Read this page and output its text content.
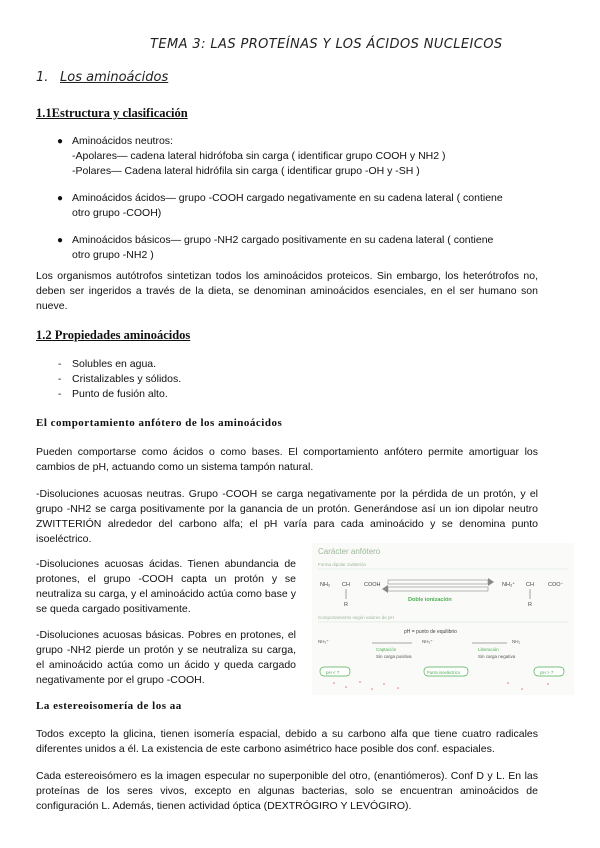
TEMA 3: LAS PROTEÍNAS Y LOS ÁCIDOS NUCLEICOS
1. Los aminoácidos
1.1Estructura y clasificación
● Aminoácidos neutros:
-Apolares— cadena lateral hidrófoba sin carga ( identificar grupo COOH y NH2 )
-Polares— Cadena lateral hidrófila sin carga ( identificar grupo -OH y -SH )
● Aminoácidos ácidos— grupo -COOH cargado negativamente en su cadena lateral ( contiene
otro grupo -COOH)
● Aminoácidos básicos— grupo -NH2 cargado positivamente en su cadena lateral ( contiene
otro grupo -NH2 )
Los organismos autótrofos sintetizan todos los aminoácidos proteicos. Sin embargo, los heterótrofos no, deben ser ingeridos a través de la dieta, se denominan aminoácidos esenciales, en el ser humano son nueve.
1.2 Propiedades aminoácidos
- Solubles en agua.
- Cristalizables y sólidos.
- Punto de fusión alto.
El comportamiento anfótero de los aminoácidos
Pueden comportarse como ácidos o como bases. El comportamiento anfótero permite amortiguar los cambios de pH, actuando como un sistema tampón natural.
-Disoluciones acuosas neutras. Grupo -COOH se carga negativamente por la pérdida de un protón, y el grupo -NH2 se carga positivamente por la ganancia de un protón. Generándose así un ion dipolar neutro ZWITTERIÓN alrededor del carbono alfa; el pH varía para cada aminoácido y se denomina punto isoeléctrico.
-Disoluciones acuosas ácidas. Tienen abundancia de protones, el grupo -COOH capta un protón y se neutraliza su carga, y el aminoácido actúa como base y se queda cargado positivamente.
-Disoluciones acuosas básicas. Pobres en protones, el grupo -NH2 pierde un protón y se neutraliza su carga, el aminoácido actúa como un ácido y queda cargado negativamente por el grupo -COOH.
Carácter anfótero
Forma dipolar zwitterión
NH₂ CH	COOH
R
Doble ionización
NH₃⁺ CH	COO⁻
R
Comportamiento según valores de pH
pH = punto de equilibrio
NH₃⁺	NH₃⁺	NH₂
Captación
Sin carga positiva
Liberación
Sin carga negativa
pH < 7	Punto isoeléctrico	pH > 7
La estereoisomería de los aa
Todos excepto la glicina, tienen isomería espacial, debido a su carbono alfa que tiene cuatro radicales diferentes unidos a él. La existencia de este carbono asimétrico hace posible dos conf. espaciales.
Cada estereoisómero es la imagen especular no superponible del otro, (enantiómeros). Conf D y L. En las proteínas de los seres vivos, excepto en algunas bacterias, solo se encuentran aminoácidos de configuración L. Además, tienen actividad óptica (DEXTRÓGIRO Y LEVÓGIRO).
